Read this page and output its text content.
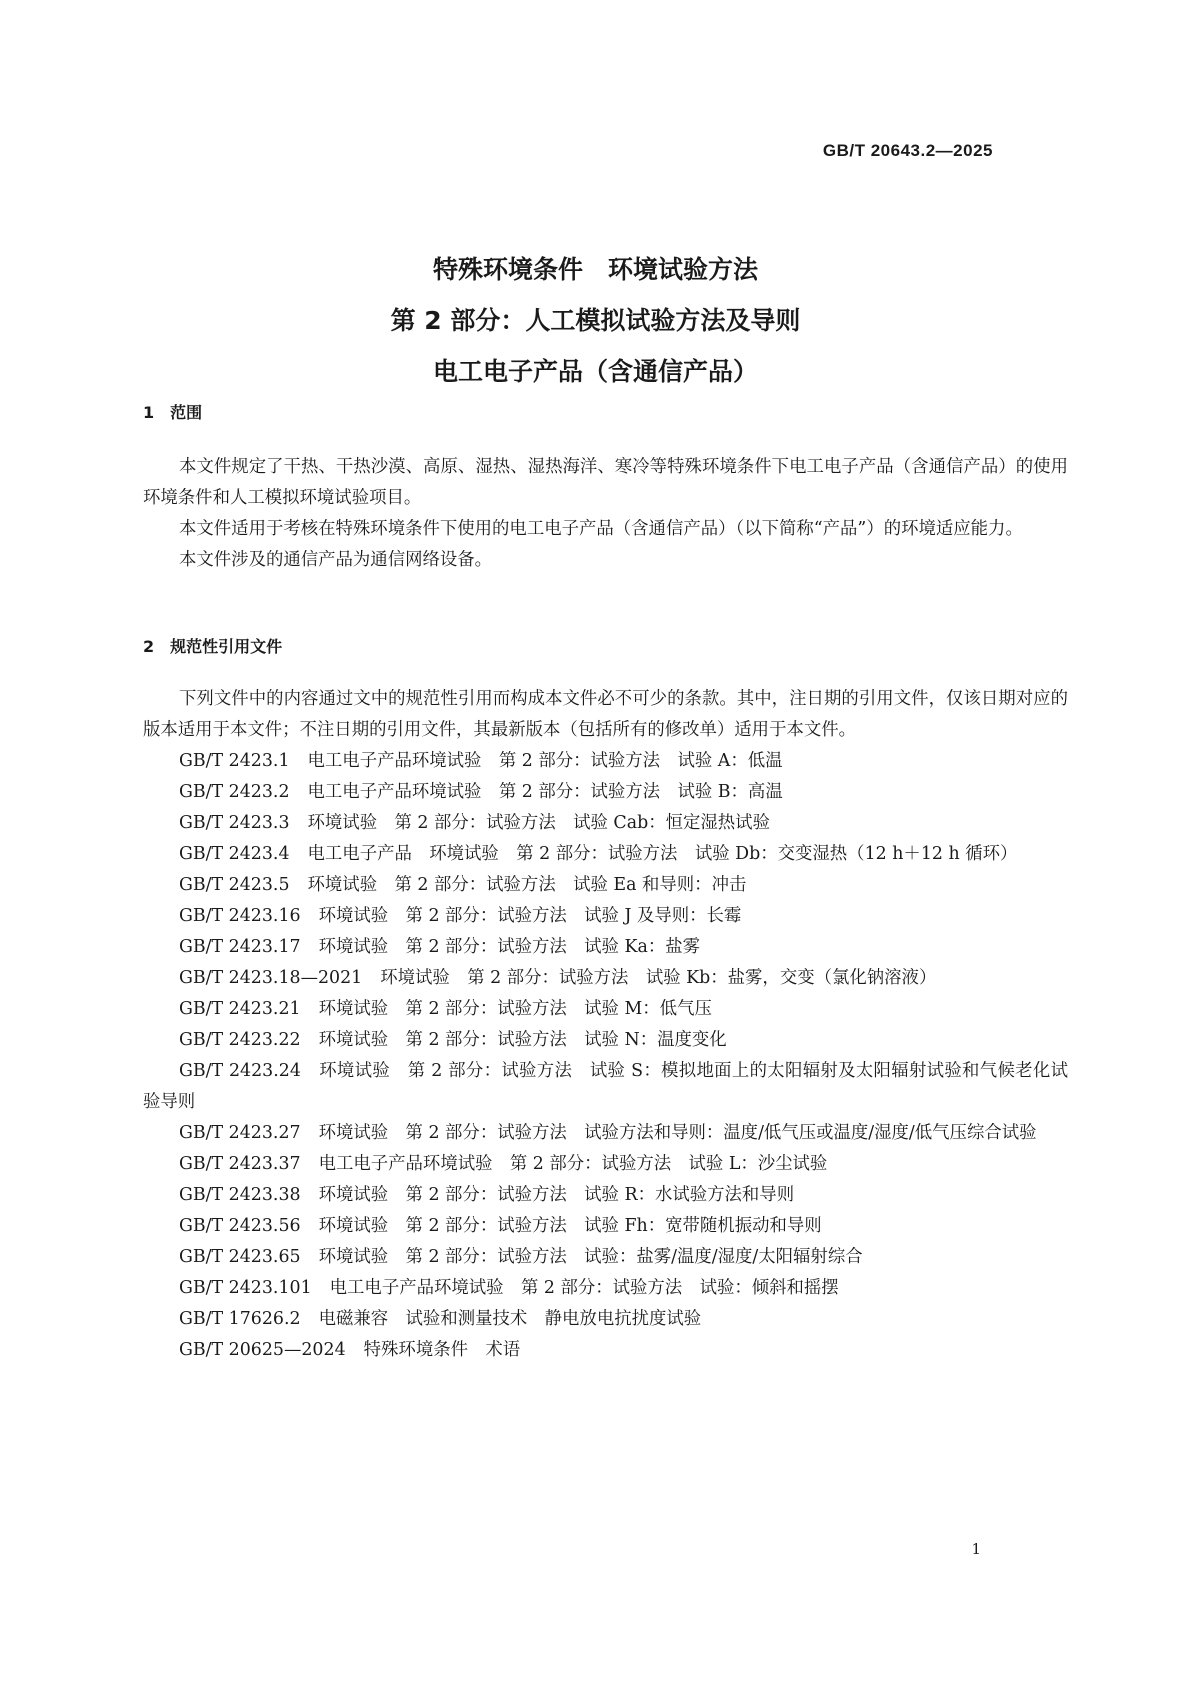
GB/T 20643.2—2025
特殊环境条件　环境试验方法
第 2 部分：人工模拟试验方法及导则
电工电子产品（含通信产品）
1　范围

本文件规定了干热、干热沙漠、高原、湿热、湿热海洋、寒冷等特殊环境条件下电工电子产品（含通信产品）的使用环境条件和人工模拟环境试验项目。

本文件适用于考核在特殊环境条件下使用的电工电子产品（含通信产品）（以下简称“产品”）的环境适应能力。

本文件涉及的通信产品为通信网络设备。

2　规范性引用文件

下列文件中的内容通过文中的规范性引用而构成本文件必不可少的条款。其中，注日期的引用文件，仅该日期对应的版本适用于本文件；不注日期的引用文件，其最新版本（包括所有的修改单）适用于本文件。

GB/T 2423.1 电工电子产品环境试验　第 2 部分：试验方法　试验 A：低温

GB/T 2423.2 电工电子产品环境试验　第 2 部分：试验方法　试验 B：高温

GB/T 2423.3 环境试验　第 2 部分：试验方法　试验 Cab：恒定湿热试验

GB/T 2423.4 电工电子产品　环境试验　第 2 部分：试验方法　试验 Db：交变湿热（12 h＋12 h 循环）

GB/T 2423.5 环境试验　第 2 部分：试验方法　试验 Ea 和导则：冲击

GB/T 2423.16 环境试验　第 2 部分：试验方法　试验 J 及导则：长霉

GB/T 2423.17 环境试验　第 2 部分：试验方法　试验 Ka：盐雾

GB/T 2423.18—2021 环境试验　第 2 部分：试验方法　试验 Kb：盐雾，交变（氯化钠溶液）

GB/T 2423.21 环境试验　第 2 部分：试验方法　试验 M：低气压

GB/T 2423.22 环境试验　第 2 部分：试验方法　试验 N：温度变化

GB/T 2423.24 环境试验　第 2 部分：试验方法　试验 S：模拟地面上的太阳辐射及太阳辐射试验和气候老化试验导则

GB/T 2423.27 环境试验　第 2 部分：试验方法　试验方法和导则：温度/低气压或温度/湿度/低气压综合试验

GB/T 2423.37 电工电子产品环境试验　第 2 部分：试验方法　试验 L：沙尘试验

GB/T 2423.38 环境试验　第 2 部分：试验方法　试验 R：水试验方法和导则

GB/T 2423.56 环境试验　第 2 部分：试验方法　试验 Fh：宽带随机振动和导则

GB/T 2423.65 环境试验　第 2 部分：试验方法　试验：盐雾/温度/湿度/太阳辐射综合

GB/T 2423.101 电工电子产品环境试验　第 2 部分：试验方法　试验：倾斜和摇摆

GB/T 17626.2 电磁兼容　试验和测量技术　静电放电抗扰度试验

GB/T 20625—2024 特殊环境条件　术语

1
